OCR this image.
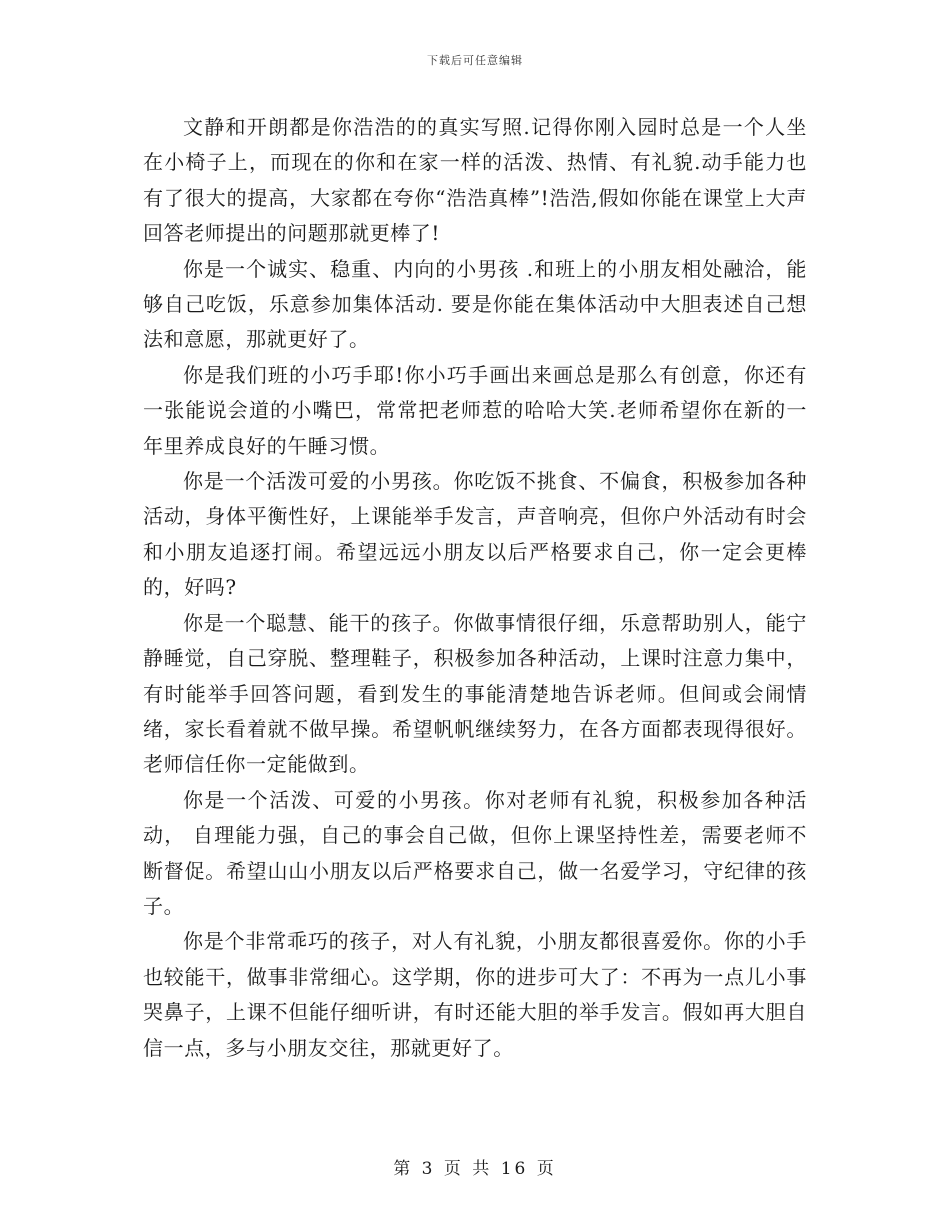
下载后可任意编辑

文静和开朗都是你浩浩的的真实写照.记得你刚入园时总是一个人坐在小椅子上，而现在的你和在家一样的活泼、热情、有礼貌.动手能力也有了很大的提高，大家都在夸你“浩浩真棒”!浩浩,假如你能在课堂上大声回答老师提出的问题那就更棒了!

你是一个诚实、稳重、内向的小男孩 .和班上的小朋友相处融洽，能够自己吃饭，乐意参加集体活动. 要是你能在集体活动中大胆表述自己想法和意愿，那就更好了。

你是我们班的小巧手耶!你小巧手画出来画总是那么有创意，你还有一张能说会道的小嘴巴，常常把老师惹的哈哈大笑.老师希望你在新的一年里养成良好的午睡习惯。

你是一个活泼可爱的小男孩。你吃饭不挑食、不偏食，积极参加各种活动，身体平衡性好，上课能举手发言，声音响亮，但你户外活动有时会和小朋友追逐打闹。希望远远小朋友以后严格要求自己，你一定会更棒的，好吗?

你是一个聪慧、能干的孩子。你做事情很仔细，乐意帮助别人，能宁静睡觉，自己穿脱、整理鞋子，积极参加各种活动，上课时注意力集中，有时能举手回答问题，看到发生的事能清楚地告诉老师。但间或会闹情绪，家长看着就不做早操。希望帆帆继续努力，在各方面都表现得很好。老师信任你一定能做到。

你是一个活泼、可爱的小男孩。你对老师有礼貌，积极参加各种活动， 自理能力强，自己的事会自己做，但你上课坚持性差，需要老师不断督促。希望山山小朋友以后严格要求自己，做一名爱学习，守纪律的孩子。

你是个非常乖巧的孩子，对人有礼貌，小朋友都很喜爱你。你的小手也较能干，做事非常细心。这学期，你的进步可大了：不再为一点儿小事哭鼻子，上课不但能仔细听讲，有时还能大胆的举手发言。假如再大胆自信一点，多与小朋友交往，那就更好了。

第 3 页 共 16 页
